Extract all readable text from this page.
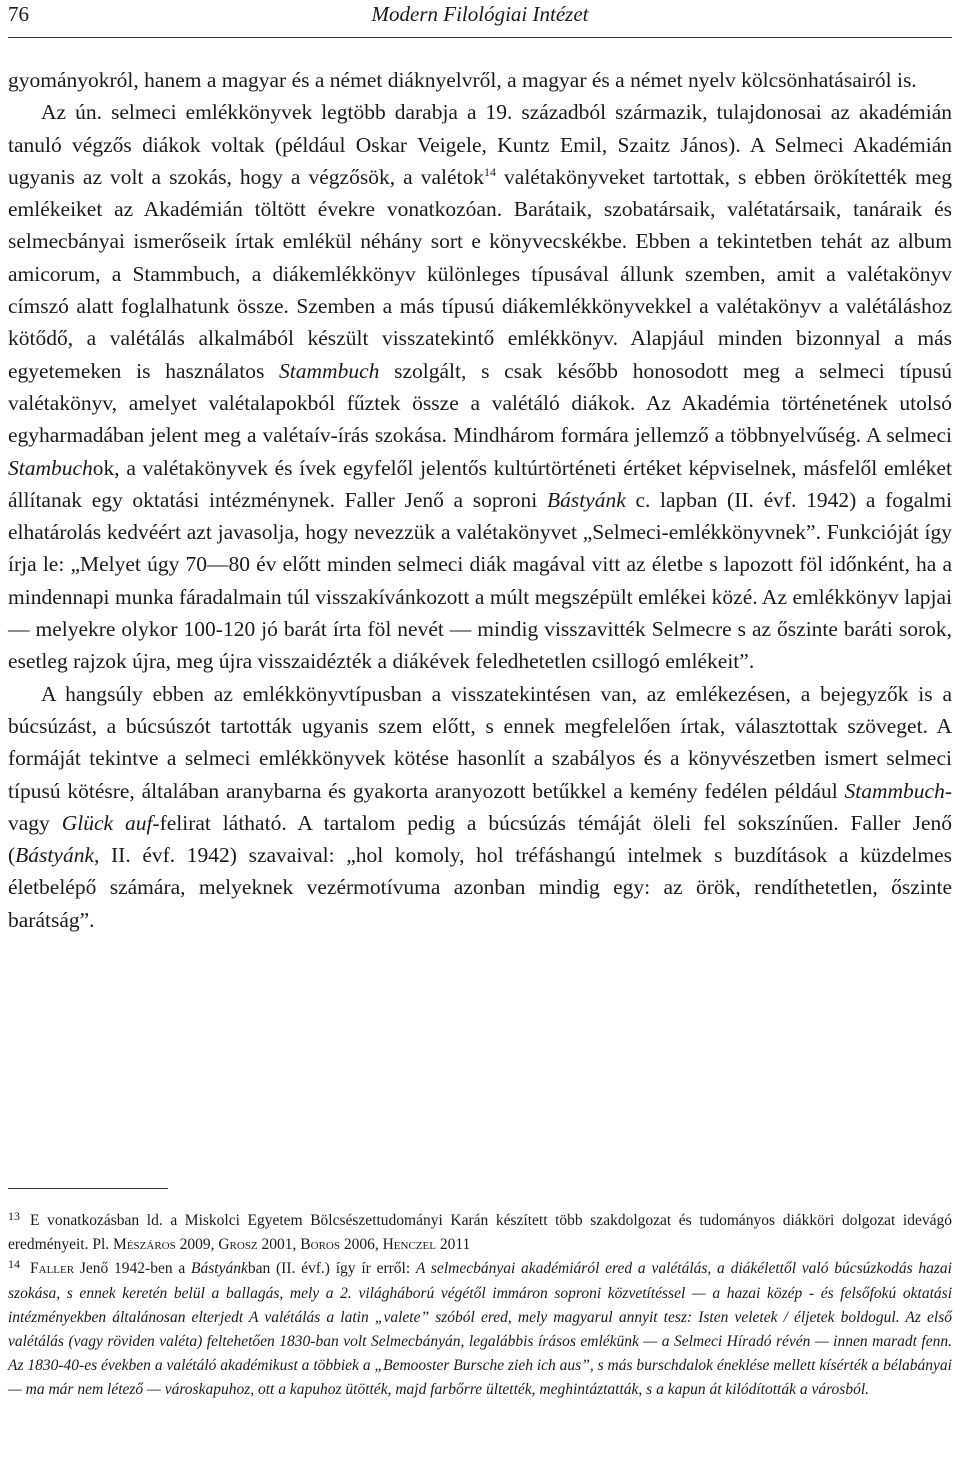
76	Modern Filológiai Intézet

gyományokról, hanem a magyar és a német diáknyelvről, a magyar és a német nyelv kölcsönhatásairól is.

Az ún. selmeci emlékkönyvek legtöbb darabja a 19. századból származik, tulajdonosai az akadémián tanuló végzős diákok voltak (például Oskar Veigele, Kuntz Emil, Szaitz János). A Selmeci Akadémián ugyanis az volt a szokás, hogy a végzősök, a valétok$^{14}$ valétakönyveket tartottak, s ebben örökítették meg emlékeiket az Akadémián töltött évekre vonatkozóan. Barátaik, szobatársaik, valétatársaik, tanáraik és selmecbányai ismerőseik írtak emlékül néhány sort e könyvecskékbe. Ebben a tekintetben tehát az album amicorum, a Stammbuch, a diákemlékkönyv különleges típusával állunk szemben, amit a valétakönyv címszó alatt foglalhatunk össze. Szemben a más típusú diákemlékkönyvekkel a valétakönyv a valétáláshoz kötődő, a valétálás alkalmából készült visszatekintő emlékkönyv. Alapjául minden bizonnyal a más egyetemeken is használatos Stammbuch szolgált, s csak később honosodott meg a selmeci típusú valétakönyv, amelyet valétalapokból fűztek össze a valétáló diákok. Az Akadémia történetének utolsó egyharmadában jelent meg a valétaív-írás szokása. Mindhárom formára jellemző a többnyelvűség. A selmeci Stambuchok, a valétakönyvek és ívek egyfelől jelentős kultúrtörténeti értéket képviselnek, másfelől emléket állítanak egy oktatási intézménynek. Faller Jenő a soproni Bástyánk c. lapban (II. évf. 1942) a fogalmi elhatárolás kedvéért azt javasolja, hogy nevezzük a valétakönyvet „Selmeci-emlékkönyvnek”. Funkcióját így írja le: „Melyet úgy 70—80 év előtt minden selmeci diák magával vitt az életbe s lapozott föl időnként, ha a mindennapi munka fáradalmain túl visszakívánkozott a múlt megszépült emlékei közé. Az emlékkönyv lapjai — melyekre olykor 100-120 jó barát írta föl nevét — mindig visszavitték Selmecre s az őszinte baráti sorok, esetleg rajzok újra, meg újra visszaidézték a diákévek feledhetetlen csillogó emlékeit”.

A hangsúly ebben az emlékkönyvtípusban a visszatekintésen van, az emlékezésen, a bejegyzők is a búcsúzást, a búcsúszót tartották ugyanis szem előtt, s ennek megfelelően írtak, választottak szöveget. A formáját tekintve a selmeci emlékkönyvek kötése hasonlít a szabályos és a könyvészetben ismert selmeci típusú kötésre, általában aranybarna és gyakorta aranyozott betűkkel a kemény fedélen például Stammbuch- vagy Glück auf-felirat látható. A tartalom pedig a búcsúzás témáját öleli fel sokszínűen. Faller Jenő (Bástyánk, II. évf. 1942) szavaival: „hol komoly, hol tréfáshangú intelmek s buzdítások a küzdelmes életbelépő számára, melyeknek vezérmotívuma azonban mindig egy: az örök, rendíthetetlen, őszinte barátság”.

$^{13}$ E vonatkozásban ld. a Miskolci Egyetem Bölcsészettudományi Karán készített több szakdolgozat és tudományos diákköri dolgozat idevágó eredményeit. Pl. Mészáros 2009, Grosz 2001, Boros 2006, Henczel 2011

$^{14}$ Faller Jenő 1942-ben a Bástyánkban (II. évf.) így ír erről: A selmecbányai akadémiáról ered a valétálás, a diákélettől való búcsúzkodás hazai szokása, s ennek keretén belül a ballagás, mely a 2. világháború végétől immáron soproni közvetítéssel — a hazai közép - és felsőfokú oktatási intézményekben általánosan elterjedt A valétálás a latin „valete” szóból ered, mely magyarul annyit tesz: Isten veletek / éljetek boldogul. Az első valétálás (vagy röviden valéta) feltehetően 1830-ban volt Selmecbányán, legalábbis írásos emlékünk — a Selmeci Híradó révén — innen maradt fenn. Az 1830-40-es években a valétáló akadémikust a többiek a „Bemooster Bursche zieh ich aus”, s más burschdalok éneklése mellett kísérték a bélabányai — ma már nem létező — városkapuhoz, ott a kapuhoz ütötték, majd farbőrre ültették, meghintáztatták, s a kapun át kilódították a városból.
